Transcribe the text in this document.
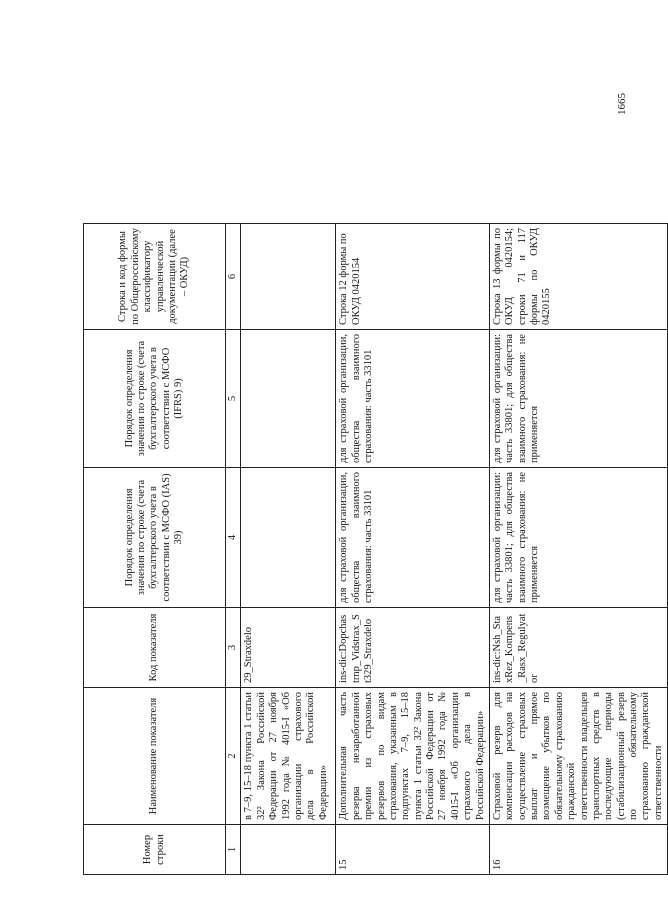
Номер строки	Наименование показателя	Код показателя	Порядок определения значения по строке (счета бухгалтерского учета в соответствии с МСФО (IAS) 39)	Порядок определения значения по строке (счета бухгалтерского учета в соответствии с МСФО (IFRS) 9)	Строка и код формы по Общероссийскому классификатору управленческой документации (далее – ОКУД)
1	2	3	4	5	6
	в 7–9, 15–18 пункта 1 статьи 32² Закона Российской Федерации от 27 ноября 1992 года № 4015-I «Об организации страхового дела в Российской Федерации»	29_Straxdelo			
15	Дополнительная часть резерва незаработанной премии из страховых резервов по видам страхования, указанным в подпунктах 7–9, 15–18 пункта 1 статьи 32² Закона Российской Федерации от 27 ноября 1992 года № 4015-I «Об организации страхового дела в Российской Федерации»	ins-dic:Dopchastrnp_Vidstrax_St329_Straxdelo	для страховой организации, общества взаимного страхования: часть 33101	для страховой организации, общества взаимного страхования: часть 33101	Строка 12 формы по ОКУД 0420154
16	Страховой резерв для компенсации расходов на осуществление страховых выплат и прямое возмещение убытков по обязательному страхованию гражданской ответственности владельцев транспортных средств в последующие периоды (стабилизационный резерв по обязательному страхованию гражданской ответственности	ins-dic:Nsh_StaxRez_Kompens_Rasx_Regulyator	для страховой организации: часть 33801; для общества взаимного страхования: не применяется	для страховой организации: часть 33801; для общества взаимного страхования: не применяется	Строка 13 формы по ОКУД 0420154; строки 71 и 117 формы по ОКУД 0420155
1665
